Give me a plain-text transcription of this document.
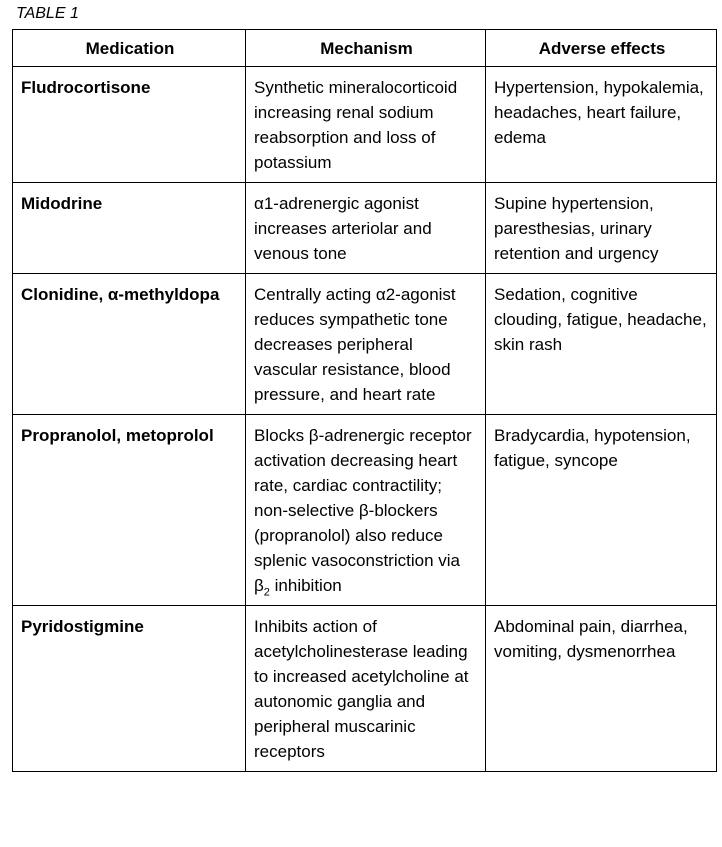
TABLE 1
Medication	Mechanism	Adverse effects
Fludrocortisone	Synthetic mineralocorticoid increasing renal sodium reabsorption and loss of potassium	Hypertension, hypokalemia, headaches, heart failure, edema
Midodrine	α1-adrenergic agonist increases arteriolar and venous tone	Supine hypertension, paresthesias, urinary retention and urgency
Clonidine, α-methyldopa	Centrally acting α2-agonist reduces sympathetic tone decreases peripheral vascular resistance, blood pressure, and heart rate	Sedation, cognitive clouding, fatigue, headache, skin rash
Propranolol, metoprolol	Blocks β-adrenergic receptor activation decreasing heart rate, cardiac contractility; non-selective β-blockers (propranolol) also reduce splenic vasoconstriction via $\beta_2$ inhibition	Bradycardia, hypotension, fatigue, syncope
Pyridostigmine	Inhibits action of acetylcholinesterase leading to increased acetylcholine at autonomic ganglia and peripheral muscarinic receptors	Abdominal pain, diarrhea, vomiting, dysmenorrhea
